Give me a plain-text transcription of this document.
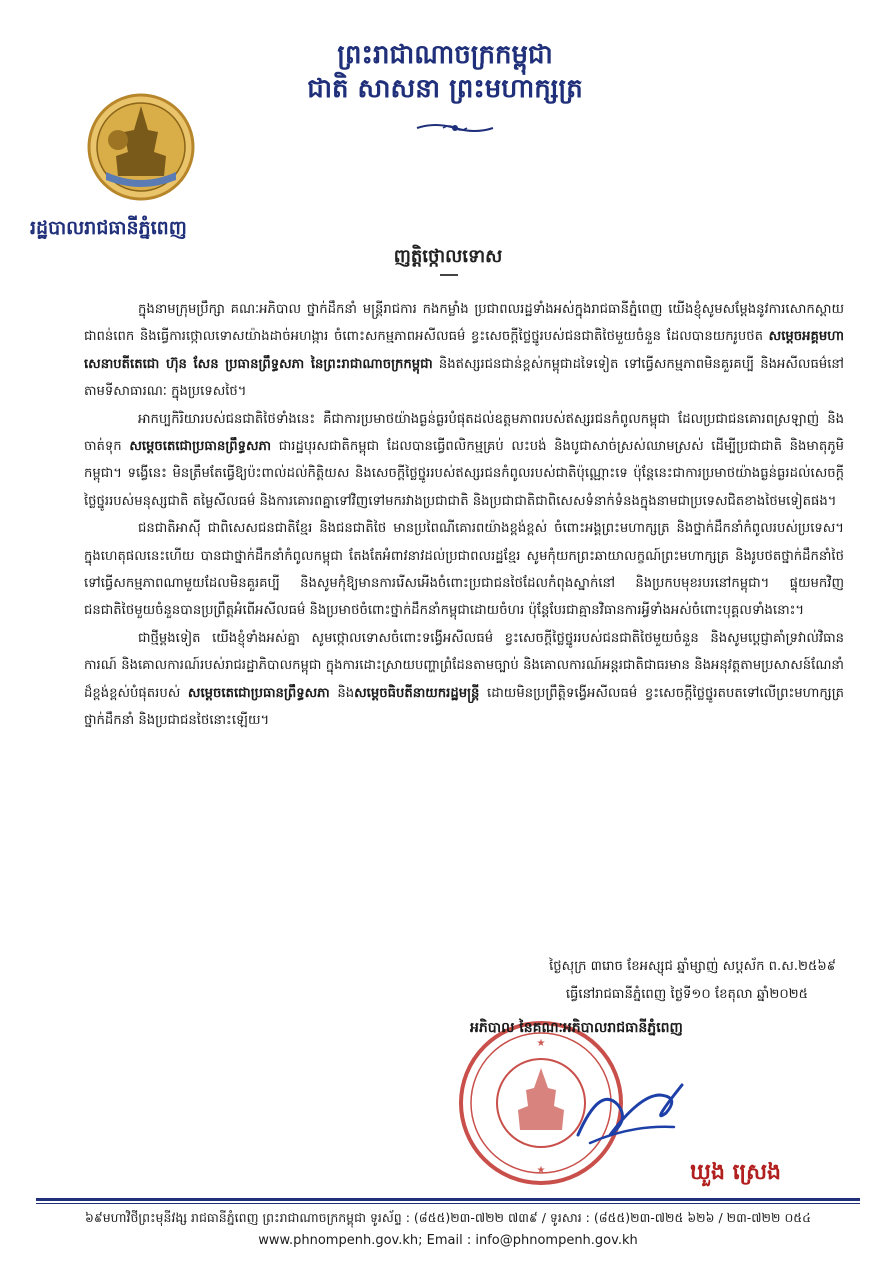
ព្រះរាជាណាចក្រកម្ពុជា
ជាតិ សាសនា ព្រះមហាក្សត្រ
រដ្ឋបាលរាជធានីភ្នំពេញ
ញត្តិថ្កោលទោស

ក្នុងនាមក្រុមប្រឹក្សា គណៈអភិបាល ថ្នាក់ដឹកនាំ មន្ត្រីរាជការ កងកម្លាំង ប្រជាពលរដ្ឋទាំងអស់ក្នុងរាជធានីភ្នំពេញ យើងខ្ញុំសូមសម្តែងនូវការសោកស្តាយជាពន់ពេក និងធ្វើការថ្កោលទោសយ៉ាងដាច់អហង្ការ ចំពោះសកម្មភាពអសីលធម៌ ខ្វះសេចក្តីថ្លៃថ្នូរបស់ជនជាតិថៃមួយចំនួន ដែលបានយករូបថត សម្តេចអគ្គមហាសេនាបតីតេជោ ហ៊ុន សែន ប្រធានព្រឹទ្ធសភា នៃព្រះរាជាណាចក្រកម្ពុជា និងឥស្សរជនជាន់ខ្ពស់កម្ពុជាដទៃទៀត ទៅធ្វើសកម្មភាពមិនគួរគប្បី និងអសីលធម៌នៅតាមទីសាធារណៈ ក្នុងប្រទេសថៃ។

អាកប្បកិរិយារបស់ជនជាតិថៃទាំងនេះ គឺជាការប្រមាថយ៉ាងធ្ងន់ធ្ងរបំផុតដល់ឧត្តមភាពរបស់ឥស្សរជនកំពូលកម្ពុជា ដែលប្រជាជនគោរពស្រឡាញ់ និងចាត់ទុក សម្តេចតេជោប្រធានព្រឹទ្ធសភា ជារដ្ឋបុរសជាតិកម្ពុជា ដែលបានធ្វើពលិកម្មគ្រប់ លះបង់ និងបូជាសាច់ស្រស់ឈាមស្រស់ ដើម្បីប្រជាជាតិ និងមាតុភូមិកម្ពុជា។ ទង្វើនេះ មិនត្រឹមតែធ្វើឱ្យប៉ះពាល់ដល់កិត្តិយស និងសេចក្តីថ្លៃថ្នូររបស់ឥស្សរជនកំពូលរបស់ជាតិប៉ុណ្ណោះទេ ប៉ុន្តែនេះជាការប្រមាថយ៉ាងធ្ងន់ធ្ងរដល់សេចក្តីថ្លៃថ្នូររបស់មនុស្សជាតិ តម្លៃសីលធម៌ និងការគោរពគ្នាទៅវិញទៅមករវាងប្រជាជាតិ និងប្រជាជាតិជាពិសេសទំនាក់ទំនងក្នុងនាមជាប្រទេសជិតខាងថៃមទៀតផង។

ជនជាតិអាស៊ី ជាពិសេសជនជាតិខ្មែរ និងជនជាតិថៃ មានប្រពៃណីគោរពយ៉ាងខ្ពង់ខ្ពស់ ចំពោះអង្គព្រះមហាក្សត្រ និងថ្នាក់ដឹកនាំកំពូលរបស់ប្រទេស។ ក្នុងហេតុផលនេះហើយ បានជាថ្នាក់ដឹកនាំកំពូលកម្ពុជា តែងតែអំពាវនាវដល់ប្រជាពលរដ្ឋខ្មែរ សូមកុំយកព្រះឆាយាលក្ខណ៍ព្រះមហាក្សត្រ និងរូបថតថ្នាក់ដឹកនាំថៃ ទៅធ្វើសកម្មភាពណាមួយដែលមិនគួរគប្បី និងសូមកុំឱ្យមានការរើសអើងចំពោះប្រជាជនថៃដែលកំពុងស្នាក់នៅ និងប្រកបមុខរបរនៅកម្ពុជា។ ផ្ទុយមកវិញ ជនជាតិថៃមួយចំនួនបានប្រព្រឹត្តអំពើអសីលធម៌ និងប្រមាថចំពោះថ្នាក់ដឹកនាំកម្ពុជាដោយចំហរ ប៉ុន្តែបែរជាគ្មានវិធានការអ្វីទាំងអស់ចំពោះបុគ្គលទាំងនោះ។

ជាថ្មីម្តងទៀត យើងខ្ញុំទាំងអស់គ្នា សូមថ្កោលទោសចំពោះទង្វើអសីលធម៌ ខ្វះសេចក្តីថ្លៃថ្នូររបស់ជនជាតិថៃមួយចំនួន និងសូមប្តេជ្ញាគាំទ្រវាល់វិធានការណ៍ និងគោលការណ៍របស់រាជរដ្ឋាភិបាលកម្ពុជា ក្នុងការដោះស្រាយបញ្ហាព្រំដែនតាមច្បាប់ និងគោលការណ៍អន្តរជាតិជាធរមាន និងអនុវត្តតាមប្រសាសន៍ណែនាំដ៏ខ្ពង់ខ្ពស់បំផុតរបស់ សម្តេចតេជោប្រធានព្រឹទ្ធសភា និងសម្តេចធិបតីនាយករដ្ឋមន្ត្រី ដោយមិនប្រព្រឹត្តិទង្វើអសីលធម៌ ខ្វះសេចក្តីថ្លៃថ្នូរតបតទៅលើព្រះមហាក្សត្រ ថ្នាក់ដឹកនាំ និងប្រជាជនថៃនោះឡើយ។

ថ្ងៃសុក្រ ៣រោច ខែអស្សុជ ឆ្នាំម្សាញ់ សប្តស័ក ព.ស.២៥៦៩
ធ្វើនៅរាជធានីភ្នំពេញ ថ្ងៃទី១០ ខែតុលា ឆ្នាំ២០២៥
★
★
អភិបាល នៃគណៈអភិបាលរាជធានីភ្នំពេញ
ឃួង ស្រេង
៦៩មហាវិថីព្រះមុនីវង្ស រាជធានីភ្នំពេញ ព្រះរាជាណាចក្រកម្ពុជា ទូរស័ព្ទ : (៨៥៥)២៣-៧២២ ៧៣៩ / ទូរសារ : (៨៥៥)២៣-៧២៥ ៦២៦ / ២៣-៧២២ ០៥៤
www.phnompenh.gov.kh; Email : info@phnompenh.gov.kh
